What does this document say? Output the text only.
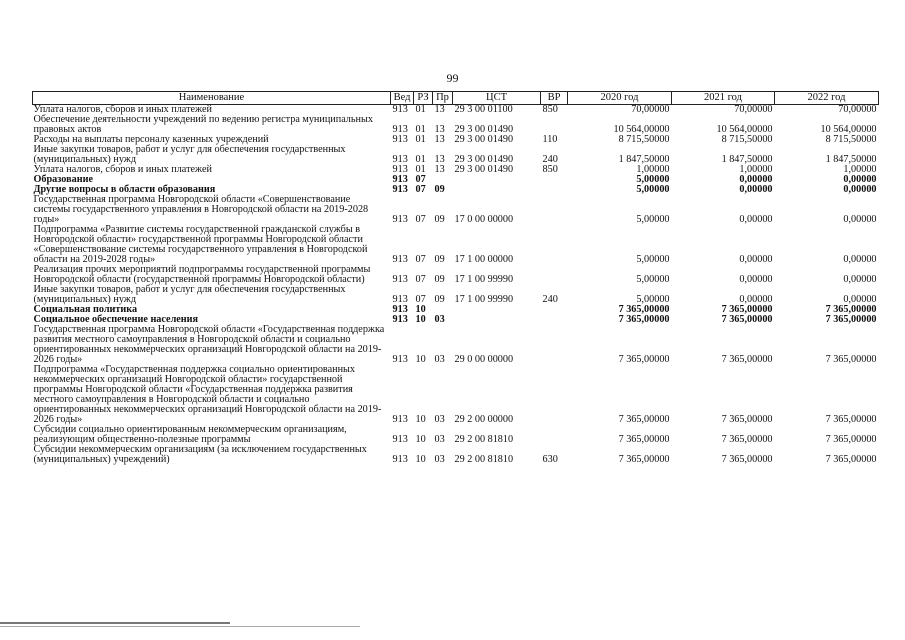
99
Наименование	Вед	РЗ	Пр	ЦСТ	ВР	2020 год	2021 год	2022 год
Уплата налогов, сборов и иных платежей	913	01	13	29 3 00 01100	850	70,00000	70,00000	70,00000
Обеспечение деятельности учреждений по ведению регистра муниципальных правовых актов	913	01	13	29 3 00 01490		10 564,00000	10 564,00000	10 564,00000
Расходы на выплаты персоналу казенных учреждений	913	01	13	29 3 00 01490	110	8 715,50000	8 715,50000	8 715,50000
Иные закупки товаров, работ и услуг для обеспечения государственных (муниципальных) нужд	913	01	13	29 3 00 01490	240	1 847,50000	1 847,50000	1 847,50000
Уплата налогов, сборов и иных платежей	913	01	13	29 3 00 01490	850	1,00000	1,00000	1,00000
Образование	913	07				5,00000	0,00000	0,00000
Другие вопросы в области образования	913	07	09			5,00000	0,00000	0,00000
Государственная программа Новгородской области «Совершенствование системы государственного управления в Новгородской области на 2019-2028 годы»	913	07	09	17 0 00 00000		5,00000	0,00000	0,00000
Подпрограмма «Развитие системы государственной гражданской службы в Новгородской области» государственной программы Новгородской области «Совершенствование системы государственного управления в Новгородской области на 2019-2028 годы»	913	07	09	17 1 00 00000		5,00000	0,00000	0,00000
Реализация прочих мероприятий подпрограммы государственной программы Новгородской области (государственной программы Новгородской области)	913	07	09	17 1 00 99990		5,00000	0,00000	0,00000
Иные закупки товаров, работ и услуг для обеспечения государственных (муниципальных) нужд	913	07	09	17 1 00 99990	240	5,00000	0,00000	0,00000
Социальная политика	913	10				7 365,00000	7 365,00000	7 365,00000
Социальное обеспечение населения	913	10	03			7 365,00000	7 365,00000	7 365,00000
Государственная программа Новгородской области «Государственная поддержка развития местного самоуправления в Новгородской области и социально ориентированных некоммерческих организаций Новгородской области на 2019-2026 годы»	913	10	03	29 0 00 00000		7 365,00000	7 365,00000	7 365,00000
Подпрограмма «Государственная поддержка социально ориентированных некоммерческих организаций Новгородской области» государственной программы Новгородской области «Государственная поддержка развития местного самоуправления в Новгородской области и социально ориентированных некоммерческих организаций Новгородской области на 2019-2026 годы»	913	10	03	29 2 00 00000		7 365,00000	7 365,00000	7 365,00000
Субсидии социально ориентированным некоммерческим организациям, реализующим общественно-полезные программы	913	10	03	29 2 00 81810		7 365,00000	7 365,00000	7 365,00000
Субсидии некоммерческим организациям (за исключением государственных (муниципальных) учреждений)	913	10	03	29 2 00 81810	630	7 365,00000	7 365,00000	7 365,00000
